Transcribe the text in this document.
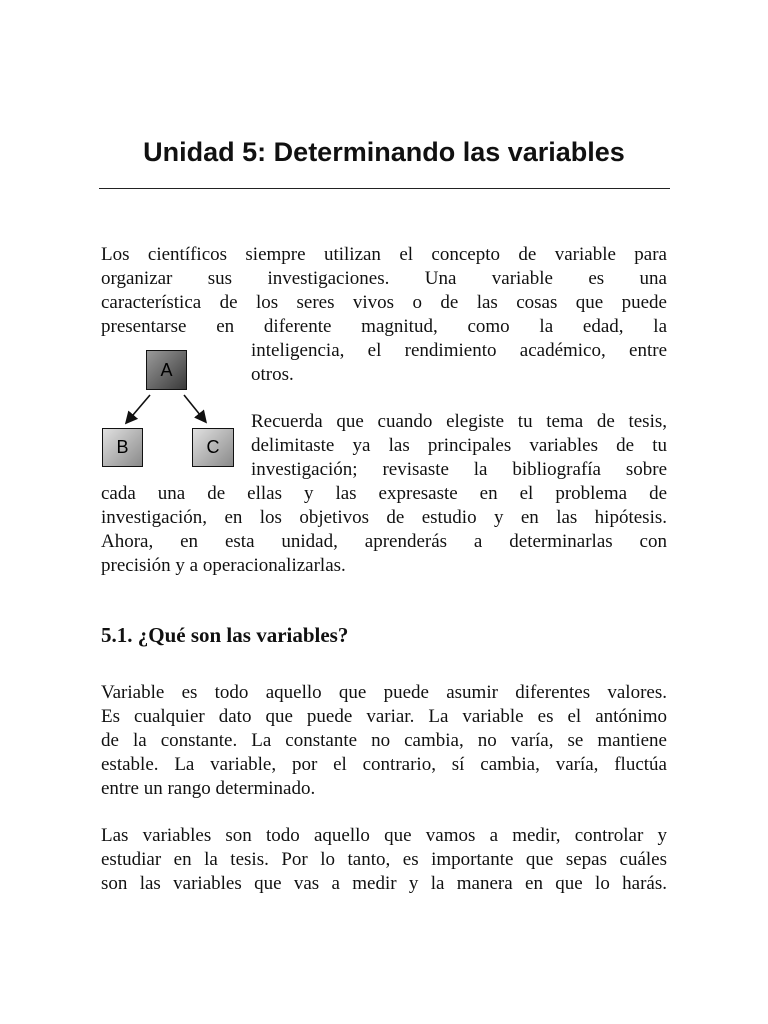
Unidad 5: Determinando las variables
Los científicos siempre utilizan el concepto de variable para
organizar sus investigaciones. Una variable es una
característica de los seres vivos o de las cosas que puede
presentarse en diferente magnitud, como la edad, la
inteligencia, el rendimiento académico, entre
otros.
A
B	C
Recuerda que cuando elegiste tu tema de tesis,
delimitaste ya las principales variables de tu
investigación; revisaste la bibliografía sobre
cada una de ellas y las expresaste en el problema de
investigación, en los objetivos de estudio y en las hipótesis.
Ahora, en esta unidad, aprenderás a determinarlas con
precisión y a operacionalizarlas.
5.1. ¿Qué son las variables?
Variable es todo aquello que puede asumir diferentes valores.
Es cualquier dato que puede variar. La variable es el antónimo
de la constante. La constante no cambia, no varía, se mantiene
estable. La variable, por el contrario, sí cambia, varía, fluctúa
entre un rango determinado.
Las variables son todo aquello que vamos a medir, controlar y
estudiar en la tesis. Por lo tanto, es importante que sepas cuáles
son las variables que vas a medir y la manera en que lo harás.
